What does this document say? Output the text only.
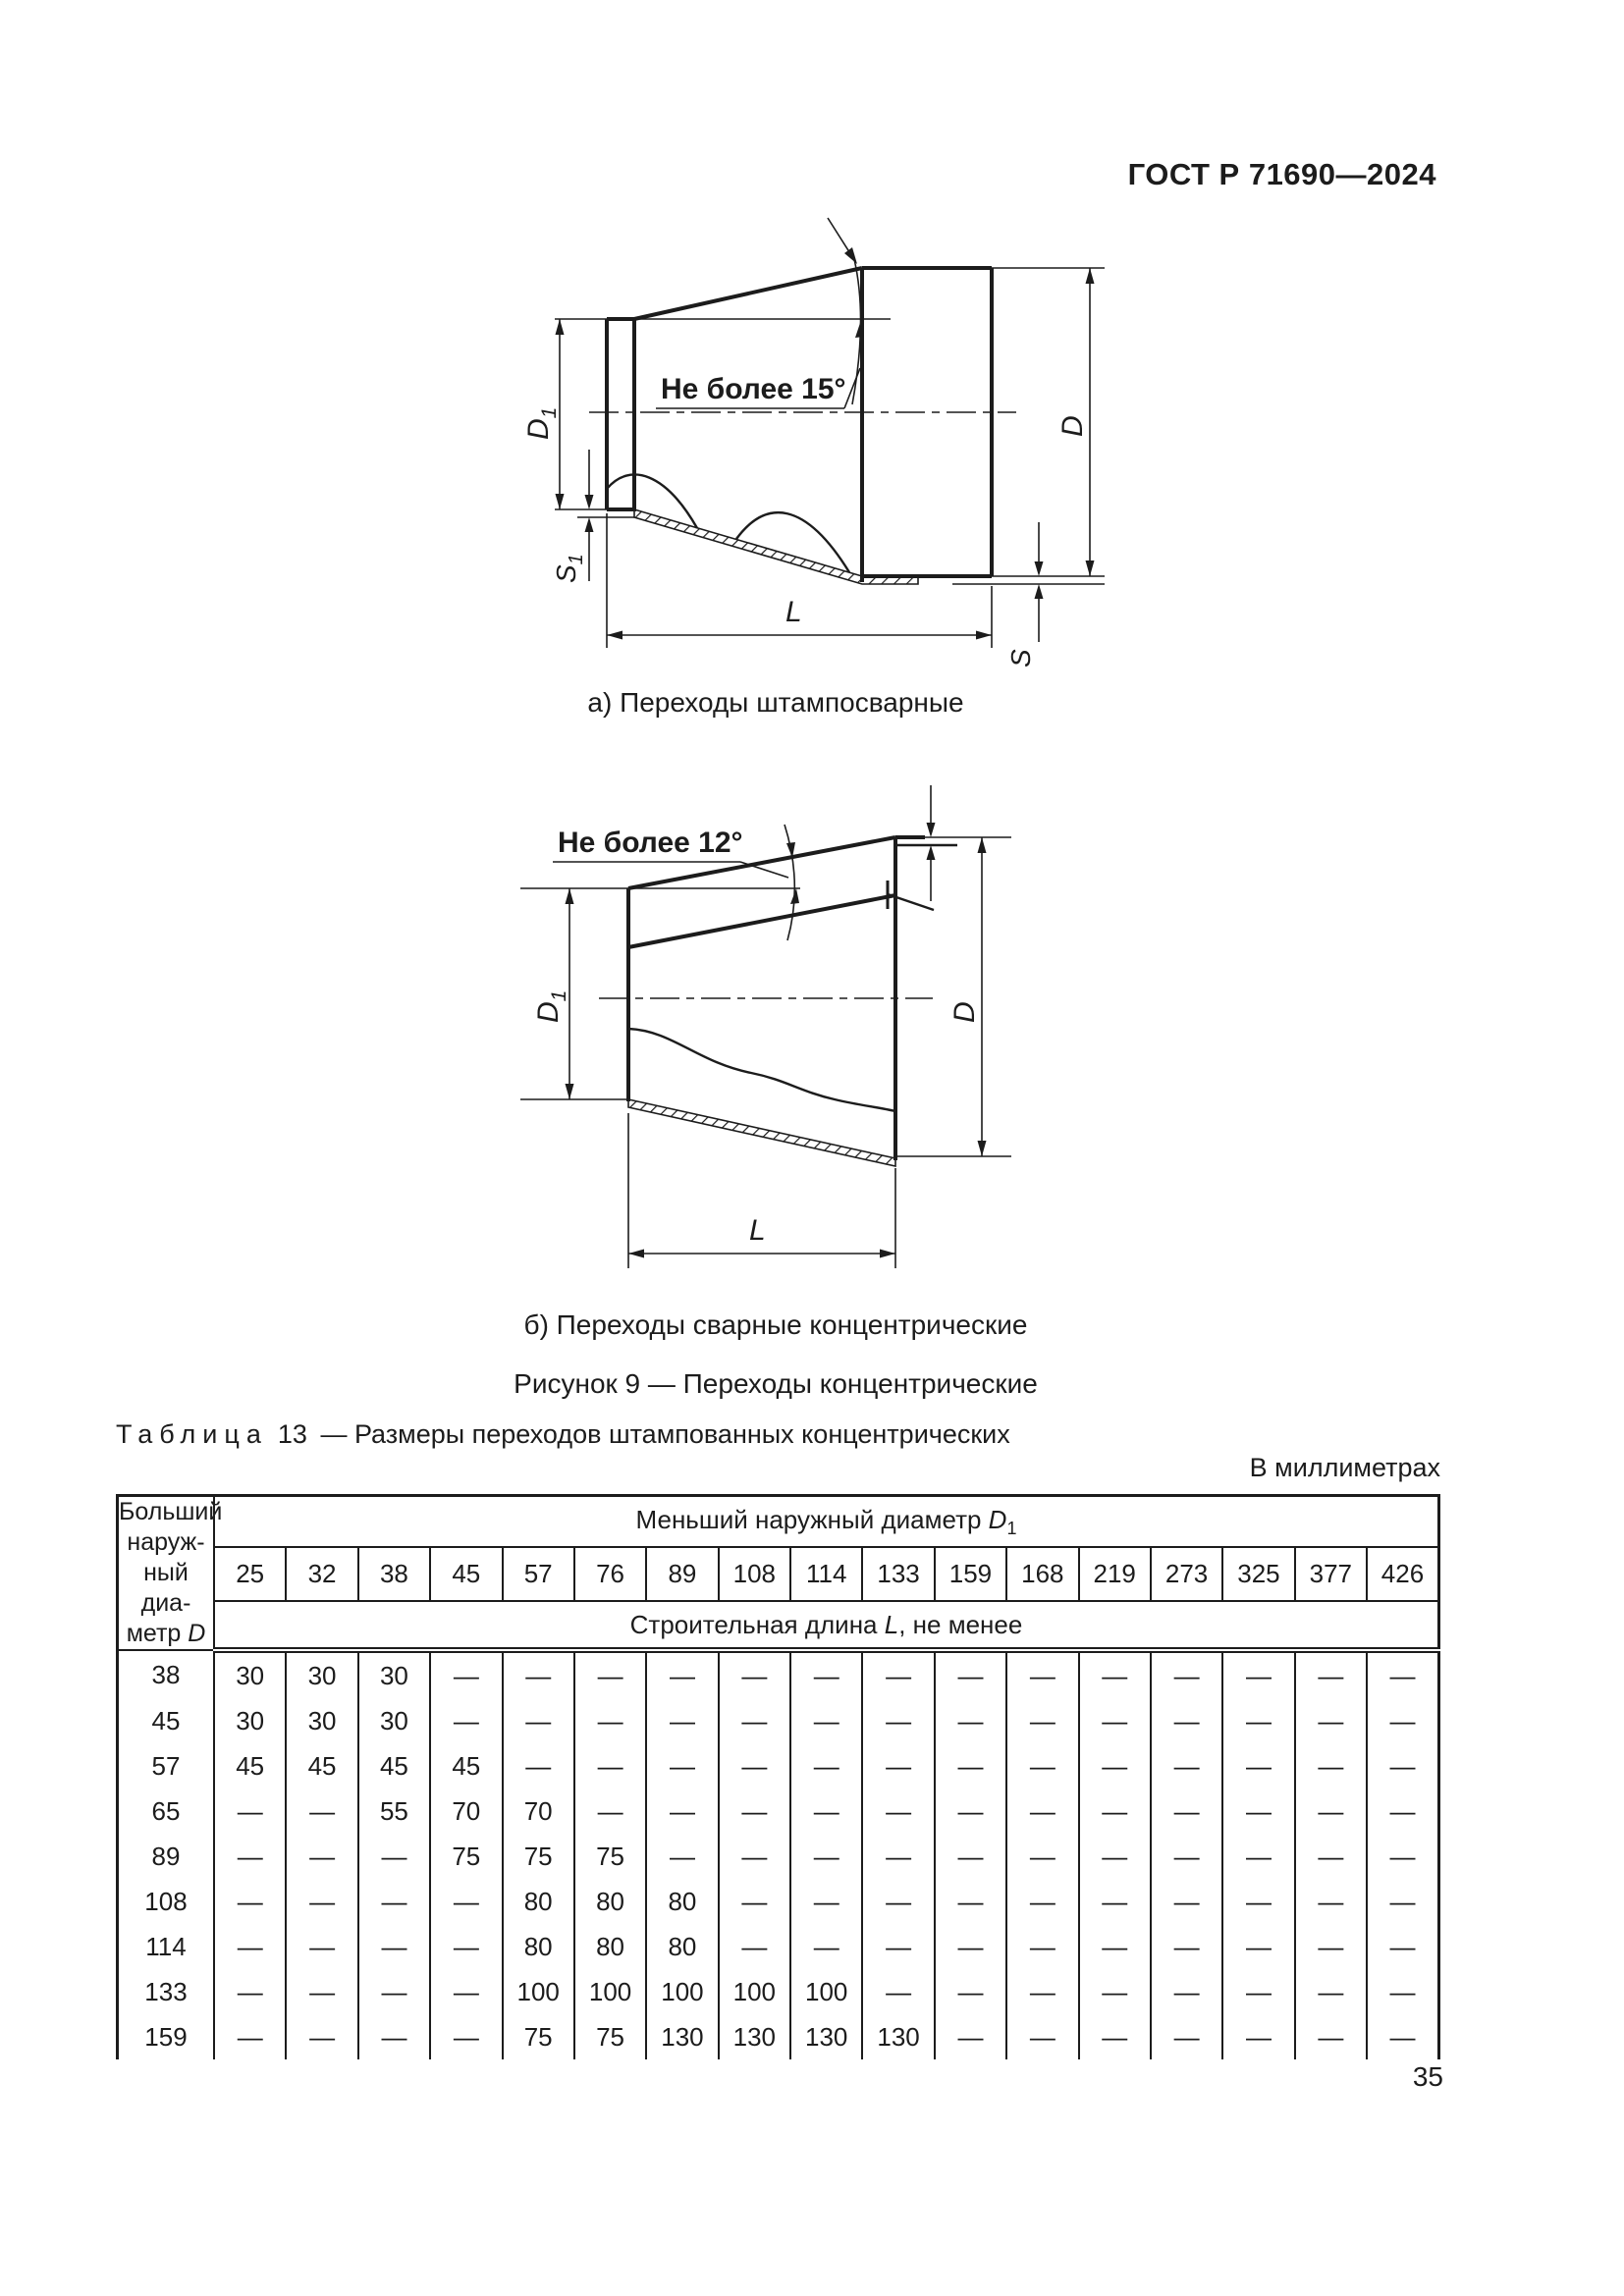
ГОСТ Р 71690—2024
Не более 15°
$D_1$
$S_1$
L
S
D
а) Переходы штампосварные
Не более 12°
$D_1$
L
D
б) Переходы сварные концентрические
Рисунок 9 — Переходы концентрические
Таблица 13 — Размеры переходов штампованных концентрических
В миллиметрах
Больший
наруж-
ный диа-
метр D	Меньший наружный диаметр $D_1$
	25	32	38	45	57	76	89	108	114	133	159	168	219	273	325	377	426
	Строительная длина L, не менее																
38	30	30	30	—	—	—	—	—	—	—	—	—	—	—	—	—	—
45	30	30	30	—	—	—	—	—	—	—	—	—	—	—	—	—	—
57	45	45	45	45	—	—	—	—	—	—	—	—	—	—	—	—	—
65	—	—	55	70	70	—	—	—	—	—	—	—	—	—	—	—	—
89	—	—	—	75	75	75	—	—	—	—	—	—	—	—	—	—	—
108	—	—	—	—	80	80	80	—	—	—	—	—	—	—	—	—	—
114	—	—	—	—	80	80	80	—	—	—	—	—	—	—	—	—	—
133	—	—	—	—	100	100	100	100	100	—	—	—	—	—	—	—	—
159	—	—	—	—	75	75	130	130	130	130	—	—	—	—	—	—	—
35
